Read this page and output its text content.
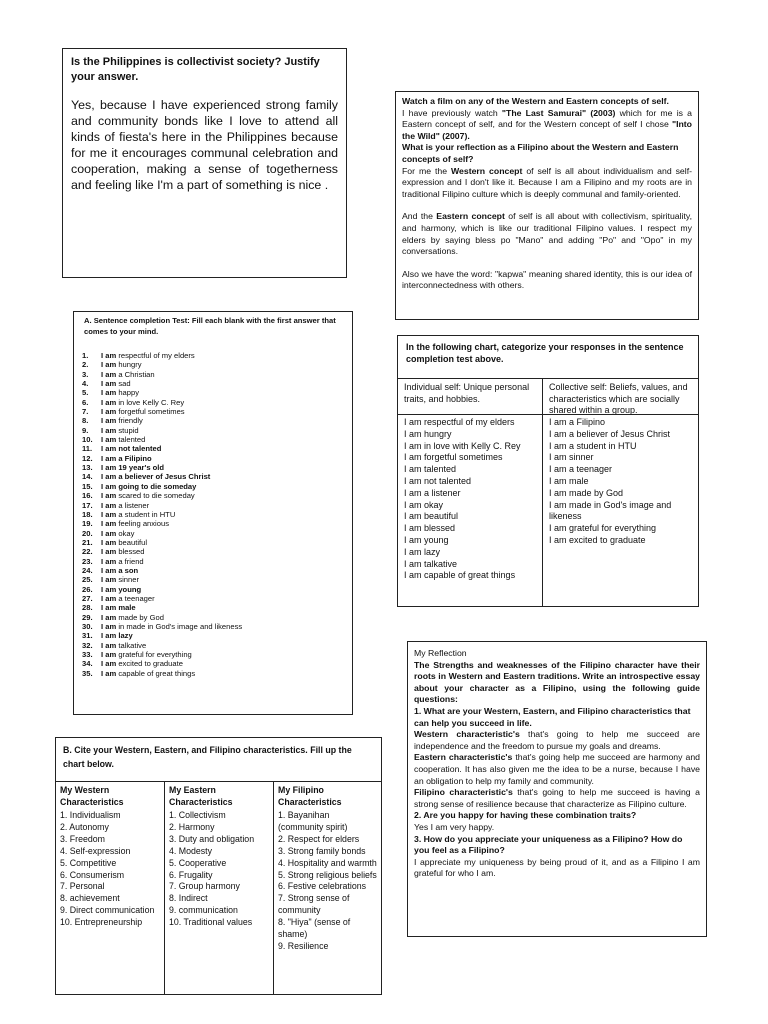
Is the Philippines is collectivist society? Justify your answer.

Yes, because I have experienced strong family and community bonds like I love to attend all kinds of fiesta's here in the Philippines because for me it encourages communal celebration and cooperation, making a sense of togetherness and feeling like I'm a part of something is nice .

Watch a film on any of the Western and Eastern concepts of self.

I have previously watch "The Last Samurai" (2003) which for me is a Eastern concept of self, and for the Western concept of self I chose "Into the Wild" (2007).

What is your reflection as a Filipino about the Western and Eastern concepts of self?

For me the Western concept of self is all about individualism and self-expression and I don't like it. Because I am a Filipino and my roots are in traditional Filipino culture which is deeply communal and family-oriented.

And the Eastern concept of self is all about with collectivism, spirituality, and harmony, which is like our traditional Filipino values. I respect my elders by saying bless po "Mano" and adding "Po" and "Opo" in my conversations.

Also we have the word: "kapwa" meaning shared identity, this is our idea of interconnectedness with others.

A. Sentence completion Test: Fill each blank with the first answer that comes to your mind.

1. I am respectful of my elders
2. I am hungry
3. I am a Christian
4. I am sad
5. I am happy
6. I am in love Kelly C. Rey
7. I am forgetful sometimes
8. I am friendly
9. I am stupid
10. I am talented
11. I am not talented
12. I am a Filipino
13. I am 19 year's old
14. I am a believer of Jesus Christ
15. I am going to die someday
16. I am scared to die someday
17. I am a listener
18. I am a student in HTU
19. I am feeling anxious
20. I am okay
21. I am beautiful
22. I am blessed
23. I am a friend
24. I am a son
25. I am sinner
26. I am young
27. I am a teenager
28. I am male
29. I am made by God
30. I am in made in God's image and likeness
31. I am lazy
32. I am talkative
33. I am grateful for everything
34. I am excited to graduate
35. I am capable of great things
In the following chart, categorize your responses in the sentence completion test above.
Individual self: Unique personal traits, and hobbies.
I am respectful of my elders
I am hungry
I am in love with Kelly C. Rey
I am forgetful sometimes
I am talented
I am not talented
I am a listener
I am okay
I am beautiful
I am blessed
I am young
I am lazy
I am talkative
I am capable of great things
Collective self: Beliefs, values, and characteristics which are socially shared within a group.
I am a Filipino
I am a believer of Jesus Christ
I am a student in HTU
I am sinner
I am a teenager
I am male
I am made by God
I am made in God's image and likeness
I am grateful for everything
I am excited to graduate
B. Cite your Western, Eastern, and Filipino characteristics. Fill up the chart below.
My Western Characteristics
1. Individualism
2. Autonomy
3. Freedom
4. Self-expression
5. Competitive
6. Consumerism
7. Personal
8. achievement
9. Direct communication
10. Entrepreneurship
My Eastern Characteristics
1. Collectivism
2. Harmony
3. Duty and obligation
4. Modesty
5. Cooperative
6. Frugality
7. Group harmony
8. Indirect
9. communication
10. Traditional values
My Filipino Characteristics
1. Bayanihan (community spirit)
2. Respect for elders
3. Strong family bonds
4. Hospitality and warmth
5. Strong religious beliefs
6. Festive celebrations
7. Strong sense of community
8. "Hiya" (sense of shame)
9. Resilience

My Reflection

The Strengths and weaknesses of the Filipino character have their roots in Western and Eastern traditions. Write an introspective essay about your character as a Filipino, using the following guide questions:

1. What are your Western, Eastern, and Filipino characteristics that can help you succeed in life.

Western characteristic's that's going to help me succeed are independence and the freedom to pursue my goals and dreams.

Eastern characteristic's that's going help me succeed are harmony and cooperation. It has also given me the idea to be a nurse, because I have an obligation to help my family and community.

Filipino characteristic's that's going to help me succeed is having a strong sense of resilience because that characterize as Filipino culture.

2. Are you happy for having these combination traits?

Yes I am very happy.

3. How do you appreciate your uniqueness as a Filipino? How do you feel as a Filipino?

I appreciate my uniqueness by being proud of it, and as a Filipino I am grateful for who I am.
